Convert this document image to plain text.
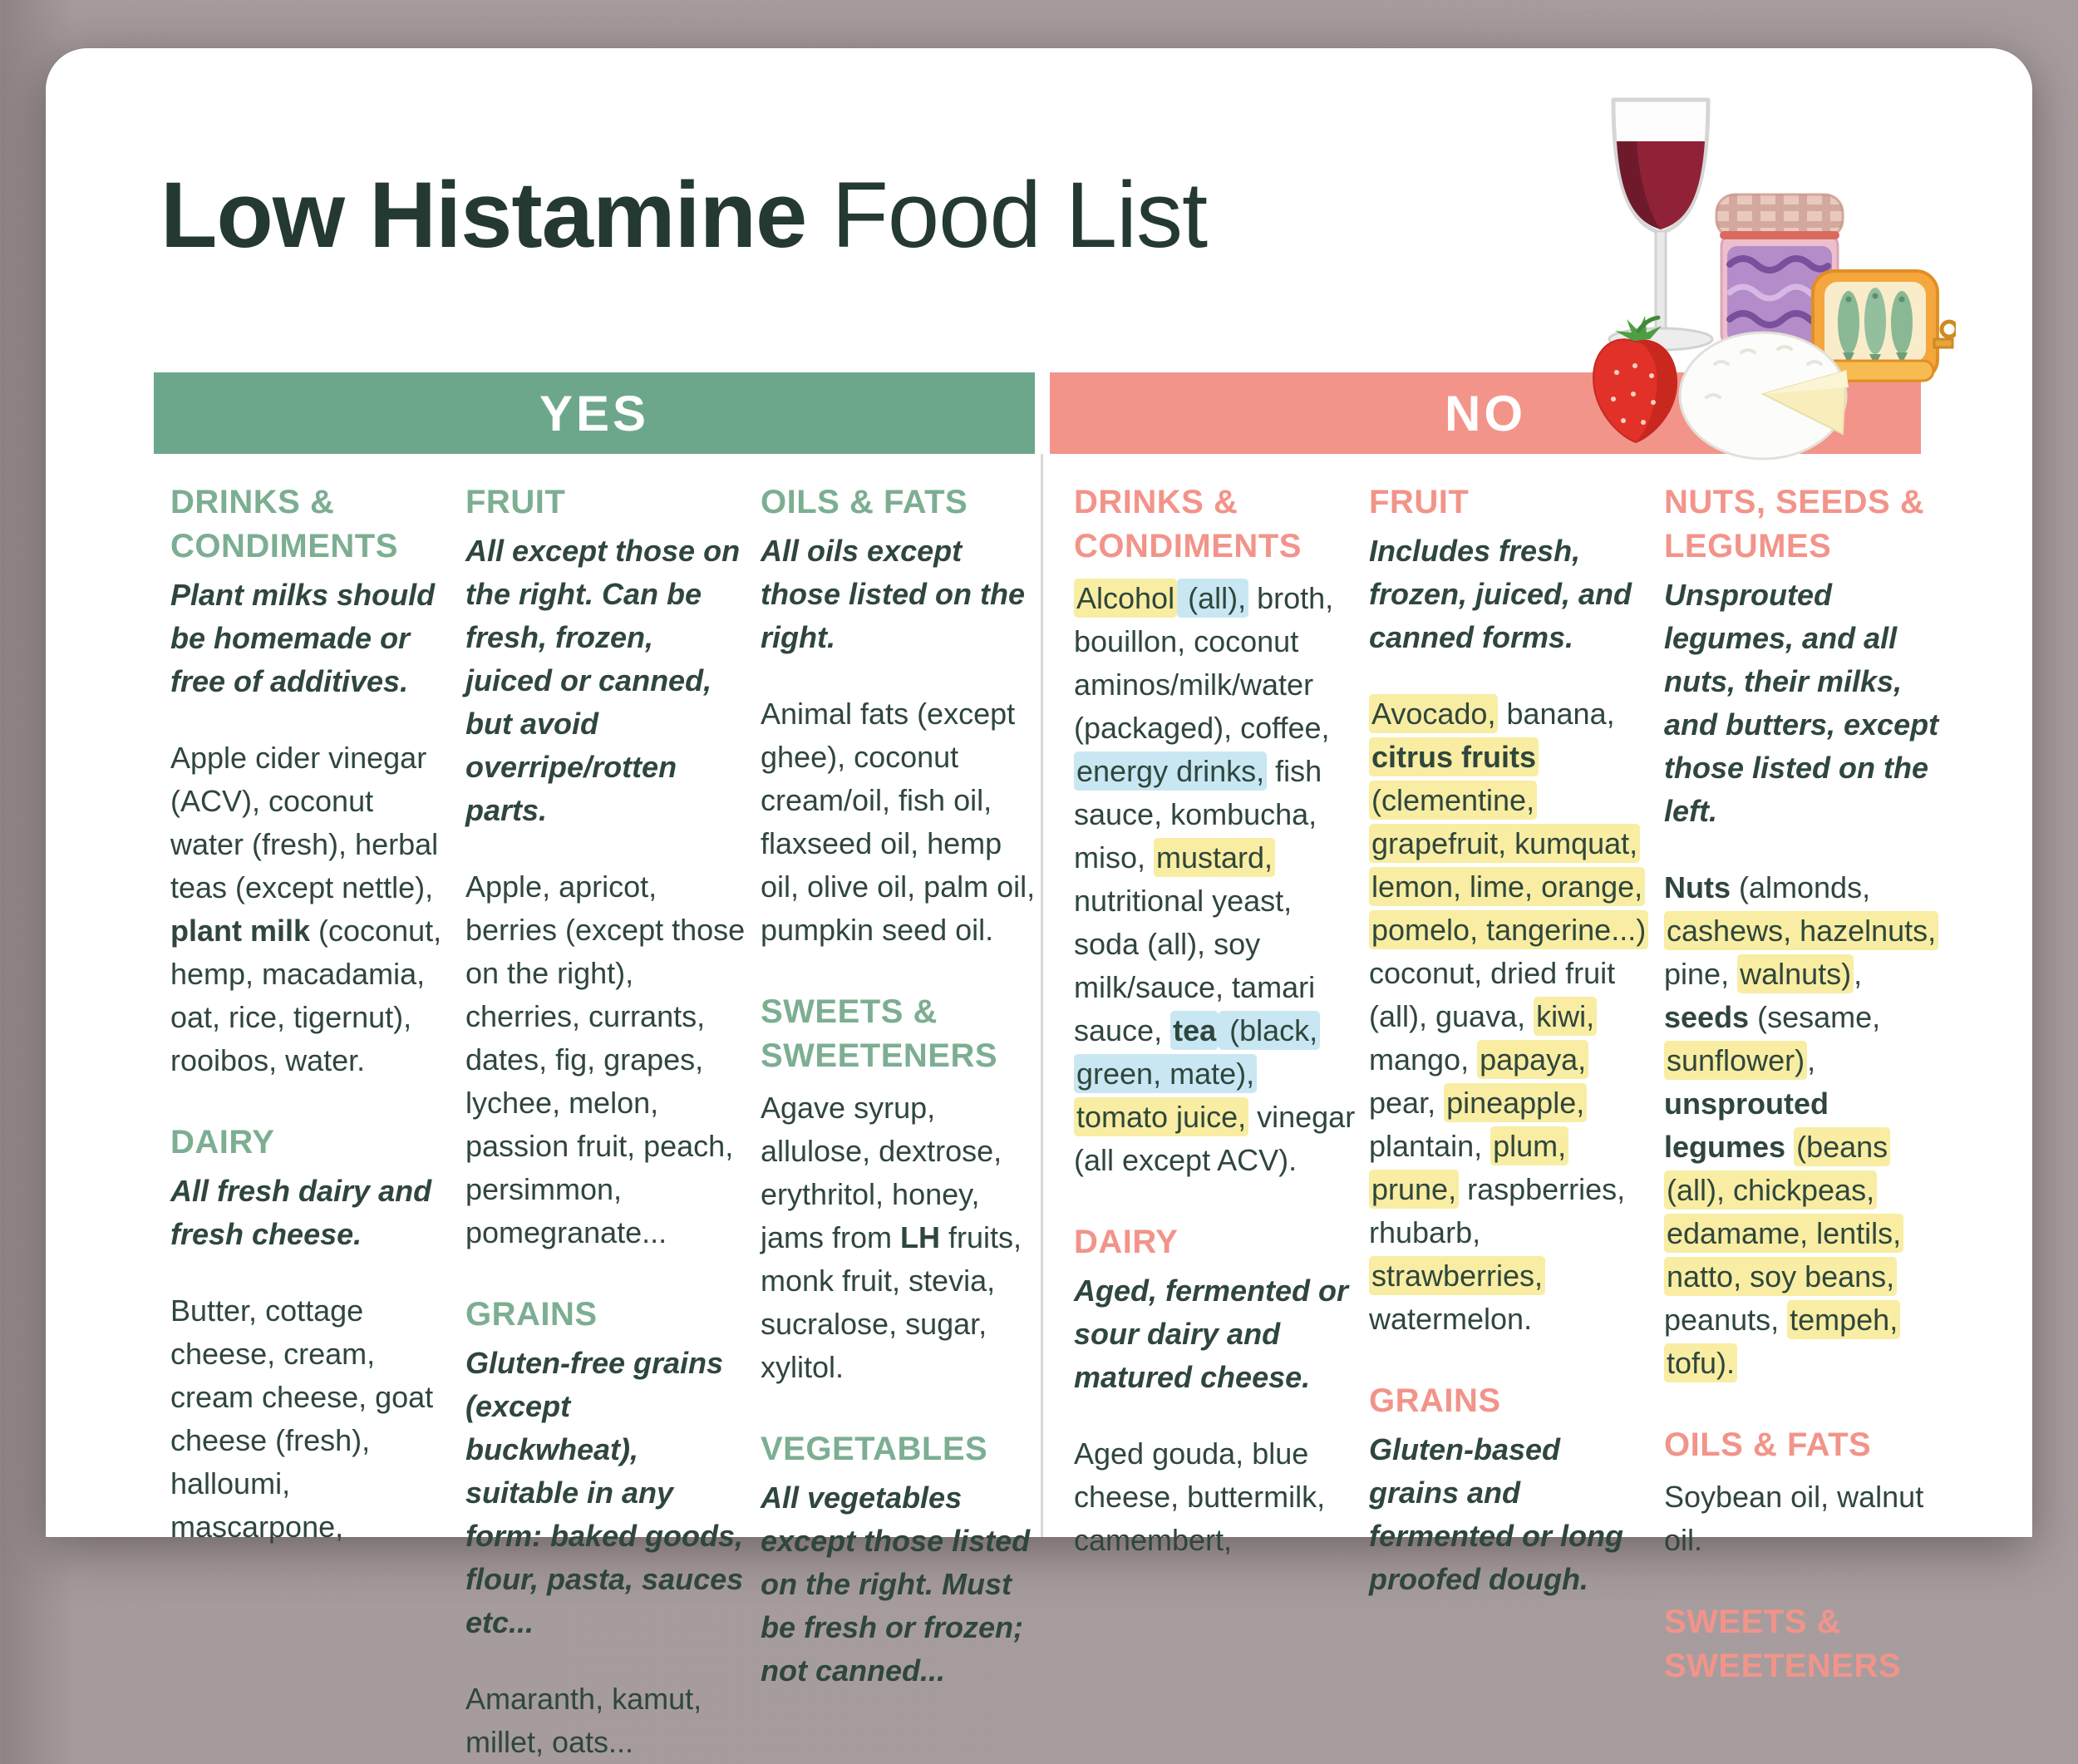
Low Histamine Food List
YES	NO
DRINKS & CONDIMENTS
Plant milks should be homemade or free of additives.
Apple cider vinegar (ACV), coconut water (fresh), herbal teas (except nettle), plant milk (coconut, hemp, macadamia, oat, rice, tigernut), rooibos, water.
DAIRY
All fresh dairy and fresh cheese.
Butter, cottage cheese, cream, cream cheese, goat cheese (fresh), halloumi, mascarpone,
FRUIT
All except those on the right. Can be fresh, frozen, juiced or canned, but avoid overripe/rotten parts.
Apple, apricot, berries (except those on the right), cherries, currants, dates, fig, grapes, lychee, melon, passion fruit, peach, persimmon, pomegranate...
GRAINS
Gluten-free grains (except buckwheat), suitable in any form: baked goods, flour, pasta, sauces etc...
Amaranth, kamut, millet, oats...
OILS & FATS
All oils except those listed on the right.
Animal fats (except ghee), coconut cream/oil, fish oil, flaxseed oil, hemp oil, olive oil, palm oil, pumpkin seed oil.
SWEETS & SWEETENERS
Agave syrup, allulose, dextrose, erythritol, honey, jams from LH fruits, monk fruit, stevia, sucralose, sugar, xylitol.
VEGETABLES
All vegetables except those listed on the right. Must be fresh or frozen; not canned...
DRINKS & CONDIMENTS
Alcohol (all), broth, bouillon, coconut aminos/milk/water (packaged), coffee, energy drinks, fish sauce, kombucha, miso, mustard, nutritional yeast, soda (all), soy milk/sauce, tamari sauce, tea (black, green, mate), tomato juice, vinegar (all except ACV).
DAIRY
Aged, fermented or sour dairy and matured cheese.
Aged gouda, blue cheese, buttermilk, camembert,
FRUIT
Includes fresh, frozen, juiced, and canned forms.
Avocado, banana, citrus fruits (clementine, grapefruit, kumquat, lemon, lime, orange, pomelo, tangerine...) coconut, dried fruit (all), guava, kiwi, mango, papaya, pear, pineapple, plantain, plum, prune, raspberries, rhubarb, strawberries, watermelon.
GRAINS
Gluten-based grains and fermented or long proofed dough.
NUTS, SEEDS & LEGUMES
Unsprouted legumes, and all nuts, their milks, and butters, except those listed on the left.
Nuts (almonds, cashews, hazelnuts, pine, walnuts), seeds (sesame, sunflower), unsprouted legumes (beans (all), chickpeas, edamame, lentils, natto, soy beans, peanuts, tempeh, tofu).
OILS & FATS
Soybean oil, walnut oil.
SWEETS & SWEETENERS
